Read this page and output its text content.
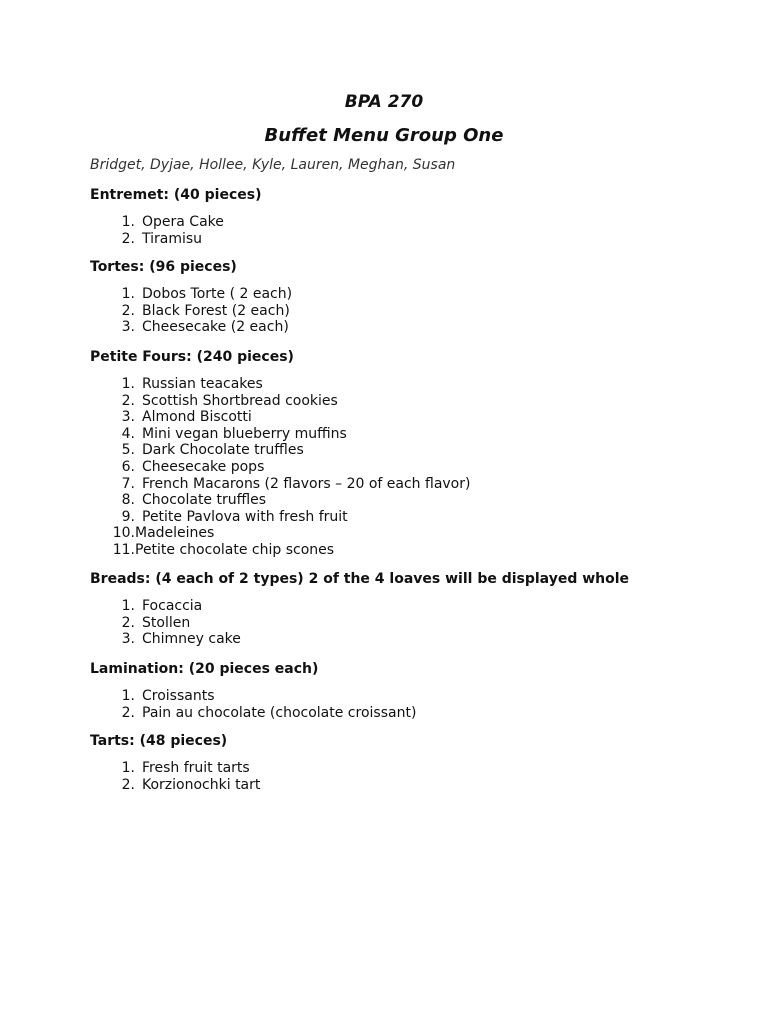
BPA 270
Buffet Menu Group One

Bridget, Dyjae, Hollee, Kyle, Lauren, Meghan, Susan

Entremet: (40 pieces)

1. Opera Cake
2. Tiramisu

Tortes: (96 pieces)

1. Dobos Torte ( 2 each)
2. Black Forest (2 each)
3. Cheesecake (2 each)

Petite Fours: (240 pieces)

1. Russian teacakes
2. Scottish Shortbread cookies
3. Almond Biscotti
4. Mini vegan blueberry muffins
5. Dark Chocolate truffles
6. Cheesecake pops
7. French Macarons (2 flavors – 20 of each flavor)
8. Chocolate truffles
9. Petite Pavlova with fresh fruit
10. Madeleines
11. Petite chocolate chip scones

Breads: (4 each of 2 types) 2 of the 4 loaves will be displayed whole

1. Focaccia
2. Stollen
3. Chimney cake

Lamination: (20 pieces each)

1. Croissants
2. Pain au chocolate (chocolate croissant)

Tarts: (48 pieces)

1. Fresh fruit tarts
2. Korzionochki tart
